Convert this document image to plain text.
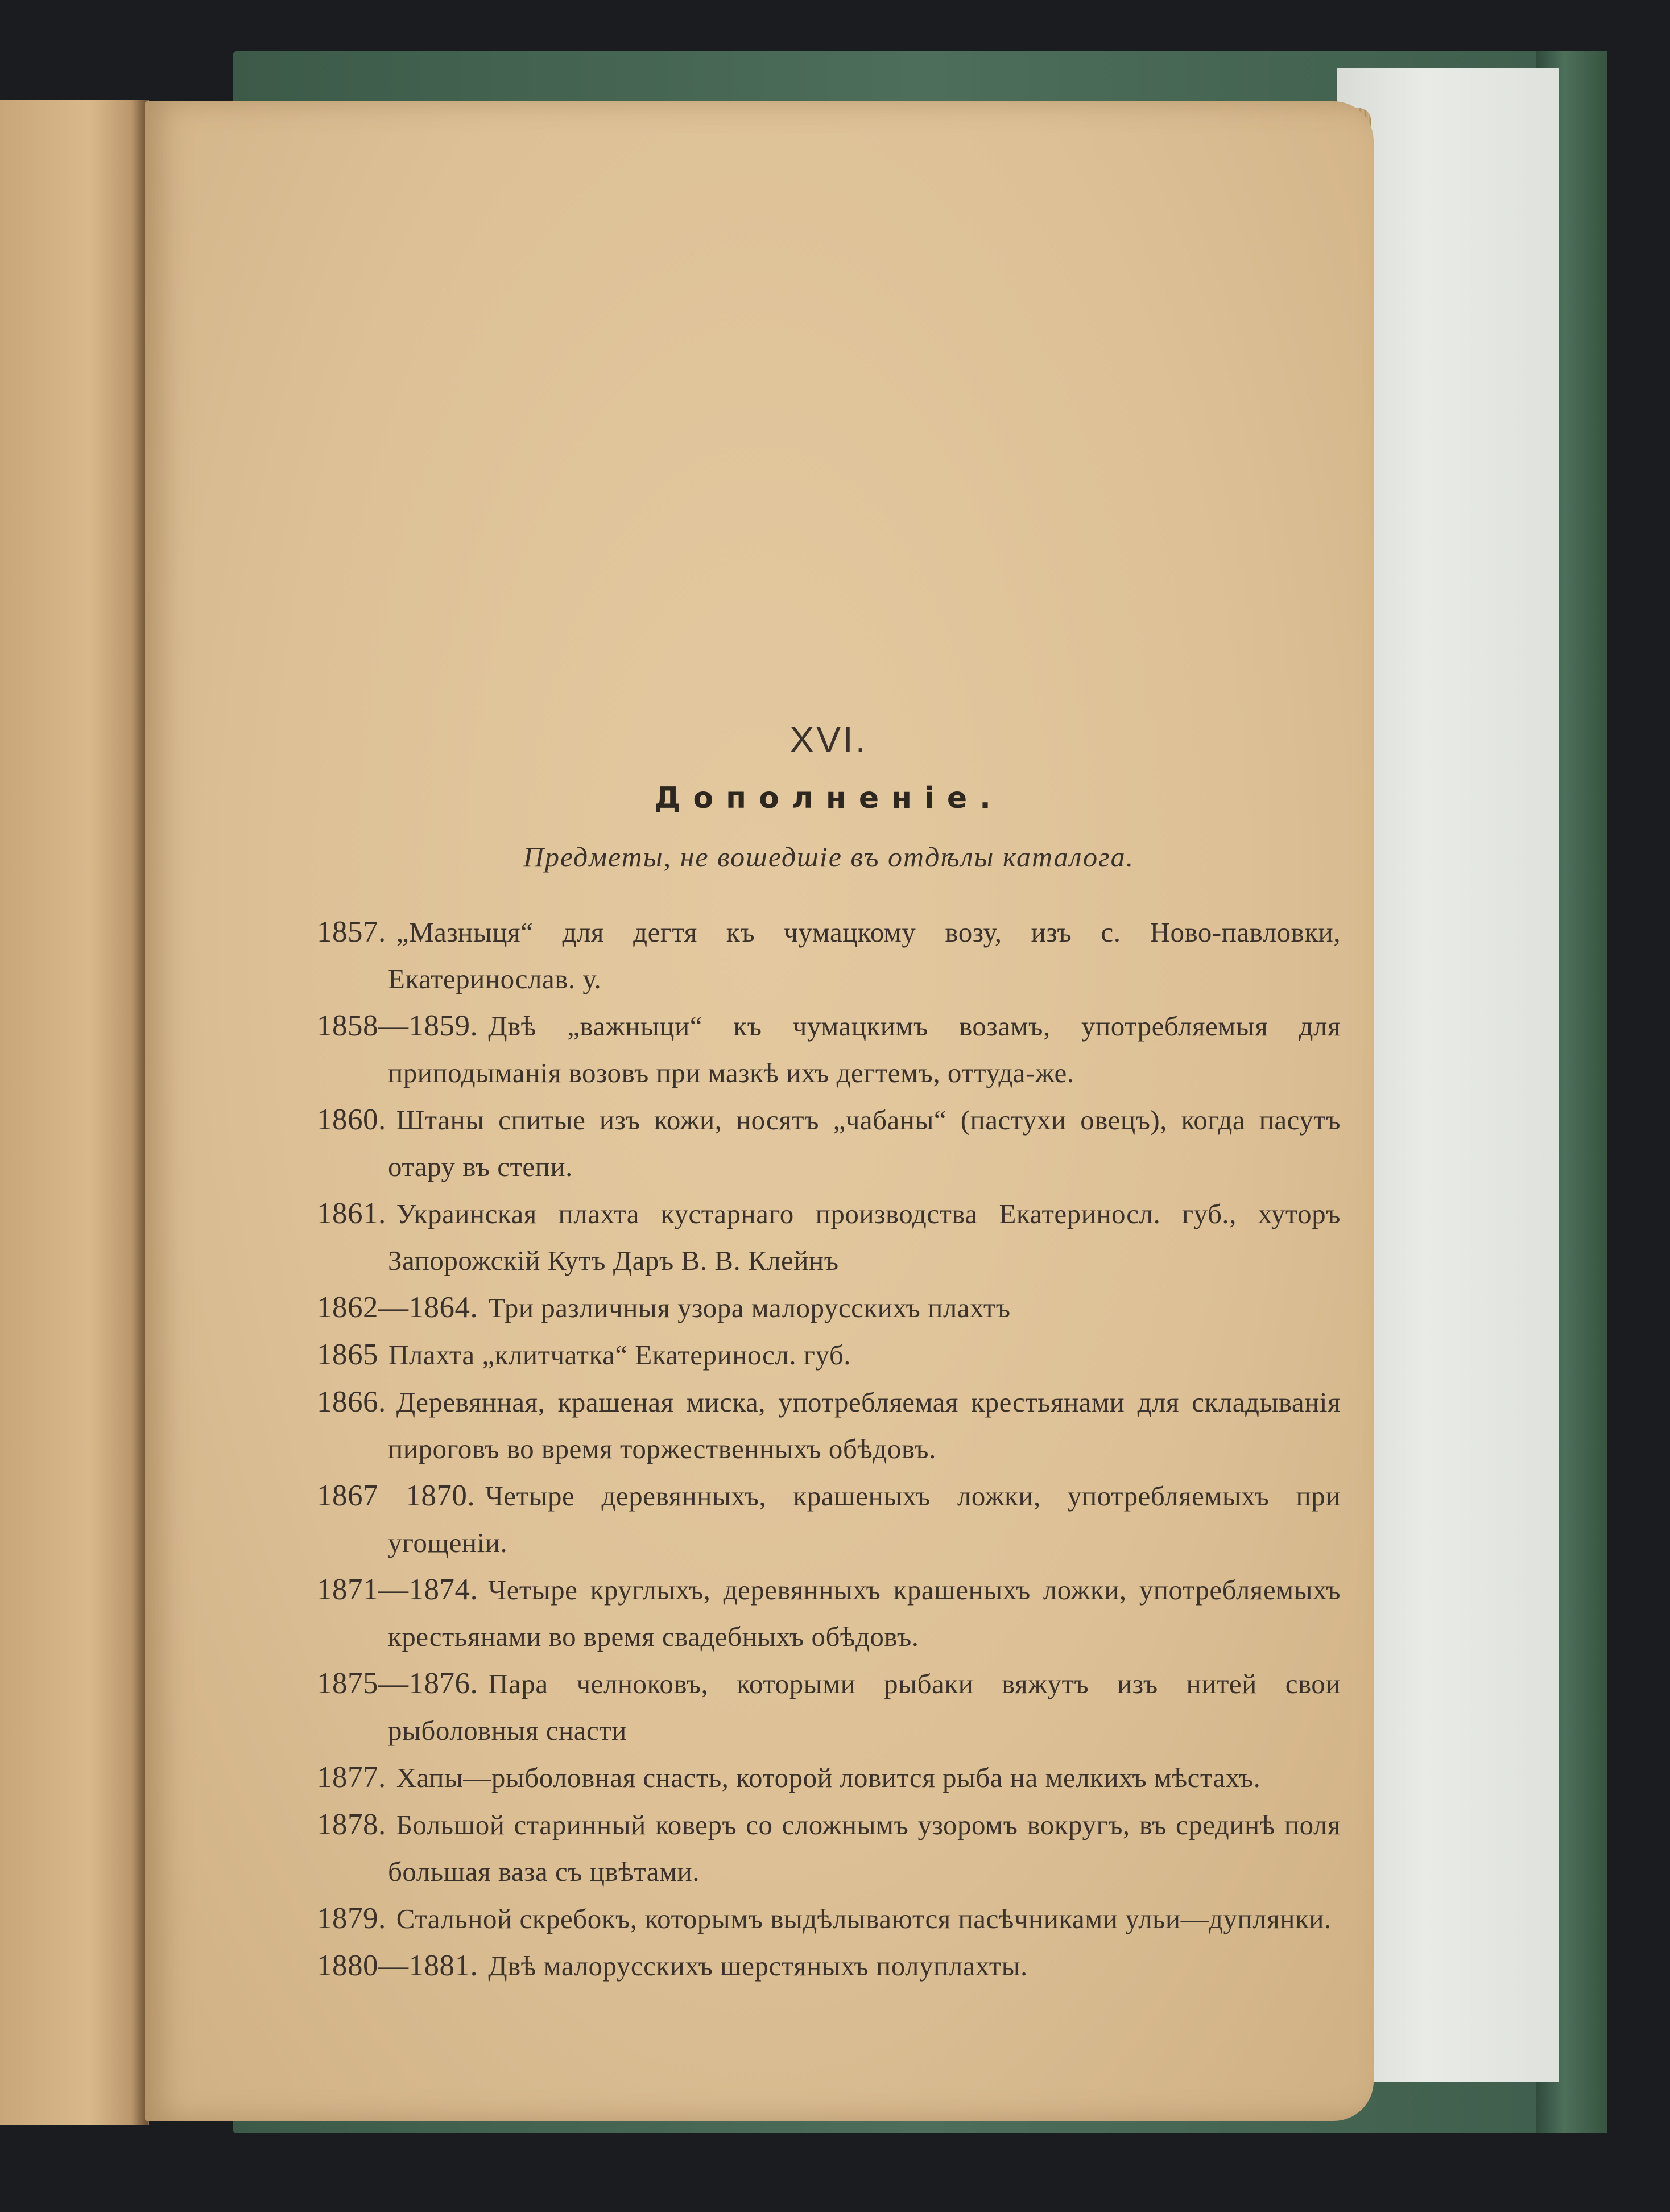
XVI.
Дополненіе.
Предметы, не вошедшіе въ отдѣлы каталога.
1857. „Мазныця“ для дегтя къ чумацкому возу, изъ с. Ново-павловки, Екатеринослав. у.
1858—1859. Двѣ „важныци“ къ чумацкимъ возамъ, употребляемыя для приподыманія возовъ при мазкѣ ихъ дегтемъ, оттуда-же.
1860. Штаны спитые изъ кожи, носятъ „чабаны“ (пастухи овецъ), когда пасутъ отару въ степи.
1861. Украинская плахта кустарнаго производства Екатериносл. губ., хуторъ Запорожскій Кутъ Даръ В. В. Клейнъ
1862—1864. Три различныя узора малорусскихъ плахтъ
1865 Плахта „клитчатка“ Екатериносл. губ.
1866. Деревянная, крашеная миска, употребляемая крестьянами для складыванія пироговъ во время торжественныхъ обѣдовъ.
1867 1870. Четыре деревянныхъ, крашеныхъ ложки, употребляемыхъ при угощеніи.
1871—1874. Четыре круглыхъ, деревянныхъ крашеныхъ ложки, употребляемыхъ крестьянами во время свадебныхъ обѣдовъ.
1875—1876. Пара челноковъ, которыми рыбаки вяжутъ изъ нитей свои рыболовныя снасти
1877. Хапы—рыболовная снасть, которой ловится рыба на мелкихъ мѣстахъ.
1878. Большой старинный коверъ со сложнымъ узоромъ вокругъ, въ срединѣ поля большая ваза съ цвѣтами.
1879. Стальной скребокъ, которымъ выдѣлываются пасѣчниками ульи—дуплянки.
1880—1881. Двѣ малорусскихъ шерстяныхъ полуплахты.
